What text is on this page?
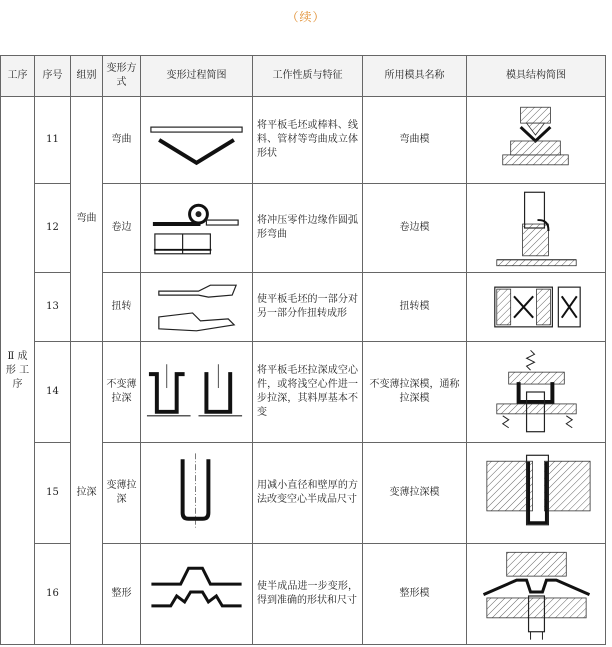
（续）
工序	序号	组别	变形方式	变形过程简图	工作性质与特征	所用模具名称	模具结构简图
Ⅱ 成形 工序	11	弯曲	弯曲		将平板毛坯或棒料、线料、管材等弯曲成立体形状	弯曲模	

	12		卷边		将冲压零件边缘作圆弧形弯曲	卷边模	

	13		扭转		使平板毛坯的一部分对另一部分作扭转成形	扭转模	

	14	拉深	不变薄拉深		将平板毛坯拉深成空心件，或将浅空心件进一步拉深，其料厚基本不变	不变薄拉深模，通称拉深模	

	15		变薄拉深		用减小直径和壁厚的方法改变空心半成品尺寸	变薄拉深模	

	16		整形		使半成品进一步变形，得到准确的形状和尺寸	整形模	
